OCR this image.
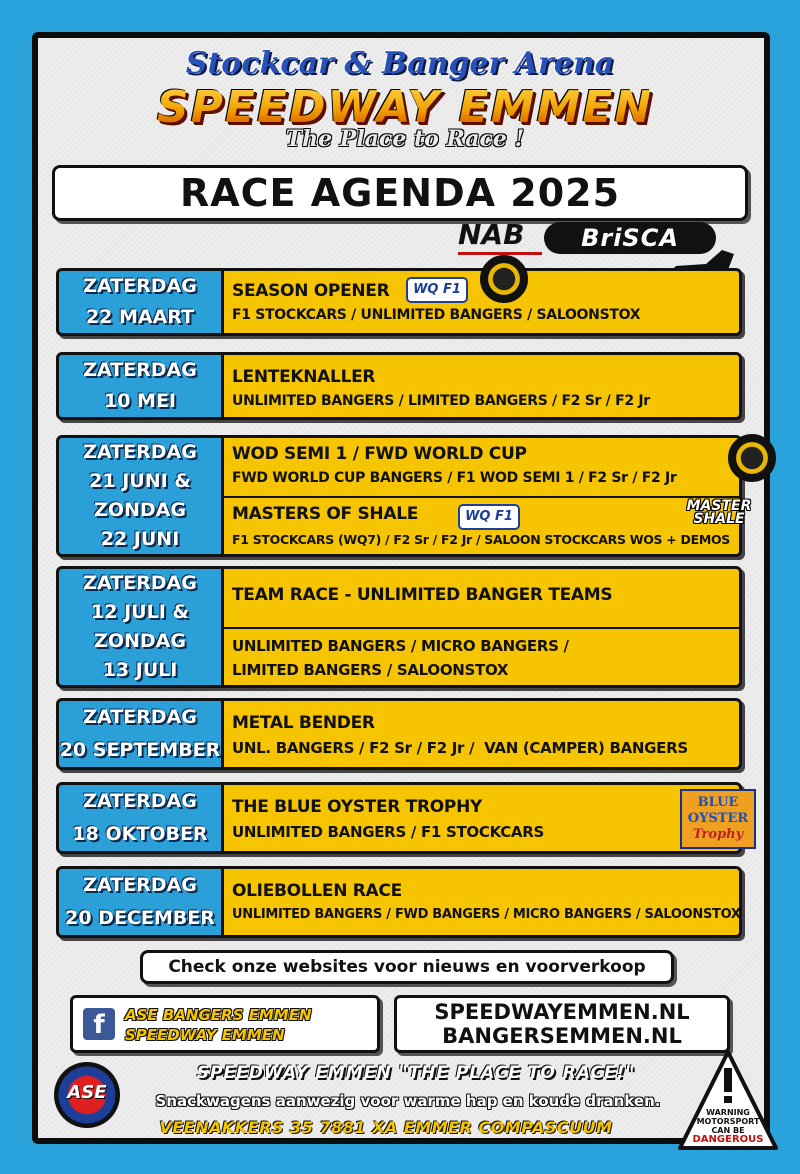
Stockcar & Banger Arena
SPEEDWAY EMMEN
The Place to Race !
RACE AGENDA 2025
NAB	BriSCA
ZATERDAG
22 MAART
SEASON OPENER
F1 STOCKCARS / UNLIMITED BANGERS / SALOONSTOX
WQ F1
ZATERDAG
10 MEI
LENTEKNALLER
UNLIMITED BANGERS / LIMITED BANGERS / F2 Sr / F2 Jr
ZATERDAG
21 JUNI &
ZONDAG
22 JUNI
WOD SEMI 1 / FWD WORLD CUP
FWD WORLD CUP BANGERS / F1 WOD SEMI 1 / F2 Sr / F2 Jr
MASTERS OF SHALE
F1 STOCKCARS (WQ7) / F2 Sr / F2 Jr / SALOON STOCKCARS WOS + DEMOS
WQ F1
MASTER
SHALE
ZATERDAG
12 JULI &
ZONDAG
13 JULI
TEAM RACE - UNLIMITED BANGER TEAMS
UNLIMITED BANGERS / MICRO BANGERS /
LIMITED BANGERS / SALOONSTOX
ZATERDAG
20 SEPTEMBER
METAL BENDER
UNL. BANGERS / F2 Sr / F2 Jr /  VAN (CAMPER) BANGERS
ZATERDAG
18 OKTOBER
THE BLUE OYSTER TROPHY
UNLIMITED BANGERS / F1 STOCKCARS
BLUE
OYSTER
Trophy
ZATERDAG
20 DECEMBER
OLIEBOLLEN RACE
UNLIMITED BANGERS / FWD BANGERS / MICRO BANGERS / SALOONSTOX
Check onze websites voor nieuws en voorverkoop
f	ASE BANGERS EMMEN
SPEEDWAY EMMEN
SPEEDWAYEMMEN.NL
BANGERSEMMEN.NL
ASE
SPEEDWAY EMMEN "THE PLACE TO RACE!"
Snackwagens aanwezig voor warme hap en koude dranken.
VEENAKKERS 35 7881 XA EMMER COMPASCUUM
WARNING
MOTORSPORT
CAN BE
DANGEROUS
